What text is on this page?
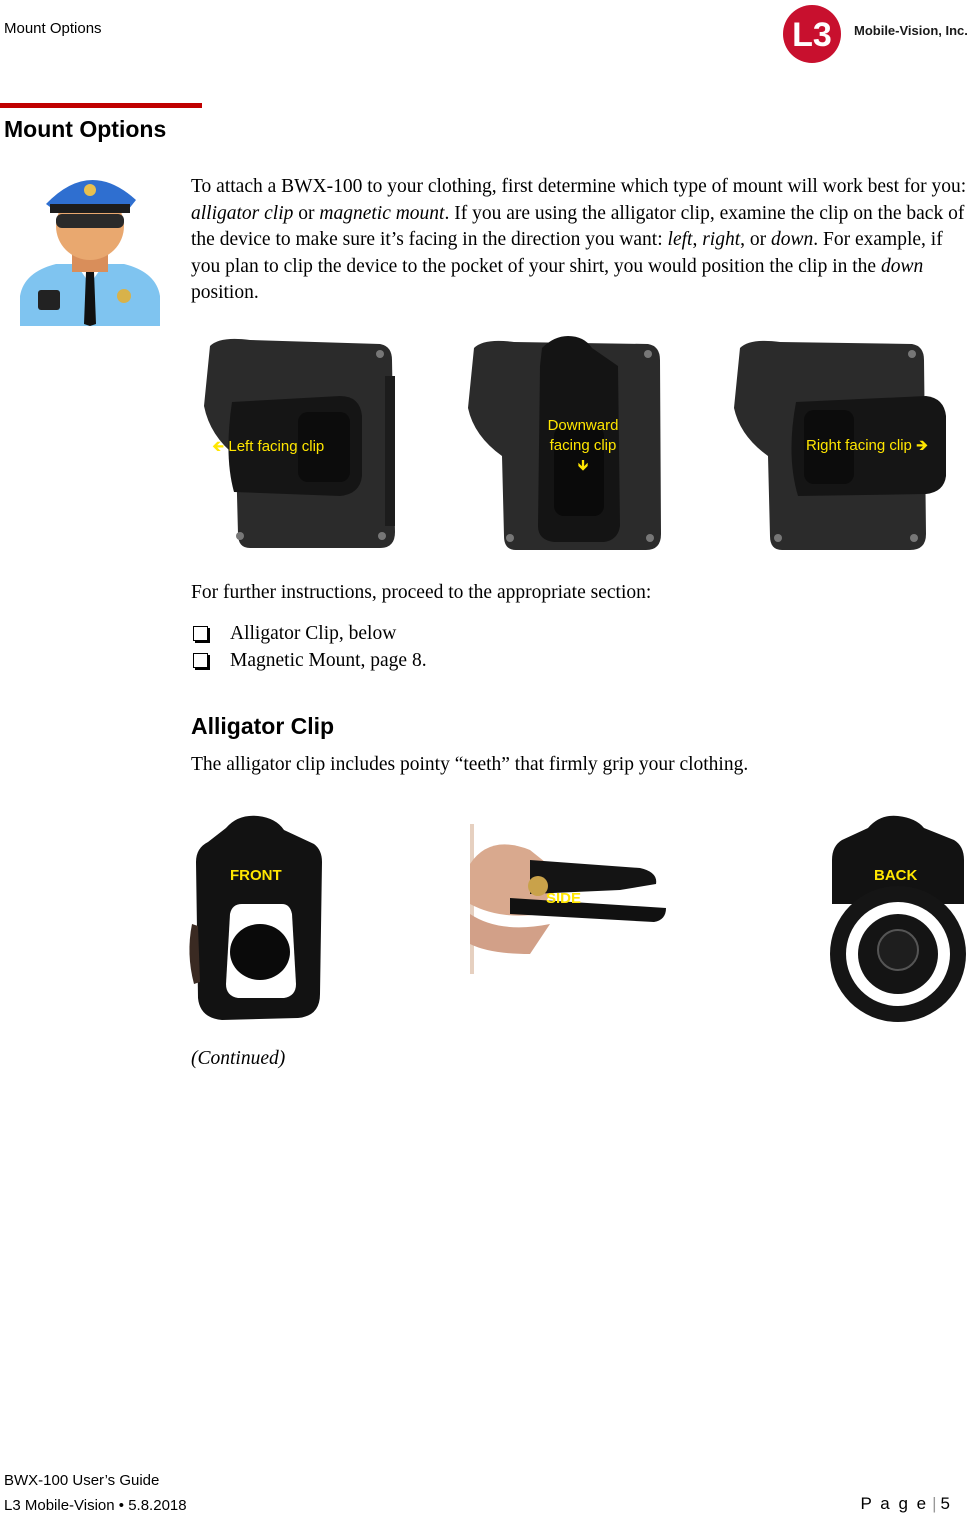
Mount Options	L3 Mobile-Vision, Inc.
Mount Options
To attach a BWX-100 to your clothing, first determine which type of mount will work best for you: alligator clip or magnetic mount. If you are using the alligator clip, examine the clip on the back of the device to make sure it’s facing in the direction you want: left, right, or down. For example, if you plan to clip the device to the pocket of your shirt, you would position the clip in the down position.
🡸 Left facing clip
Downward
facing clip
🡻
Right facing clip 🡺
For further instructions, proceed to the appropriate section:
Alligator Clip, below
Magnetic Mount, page 8.
Alligator Clip
The alligator clip includes pointy “teeth” that firmly grip your clothing.
FRONT
SIDE
BACK
(Continued)
BWX-100 User’s Guide
L3 Mobile-Vision • 5.8.2018	P a g e | 5
